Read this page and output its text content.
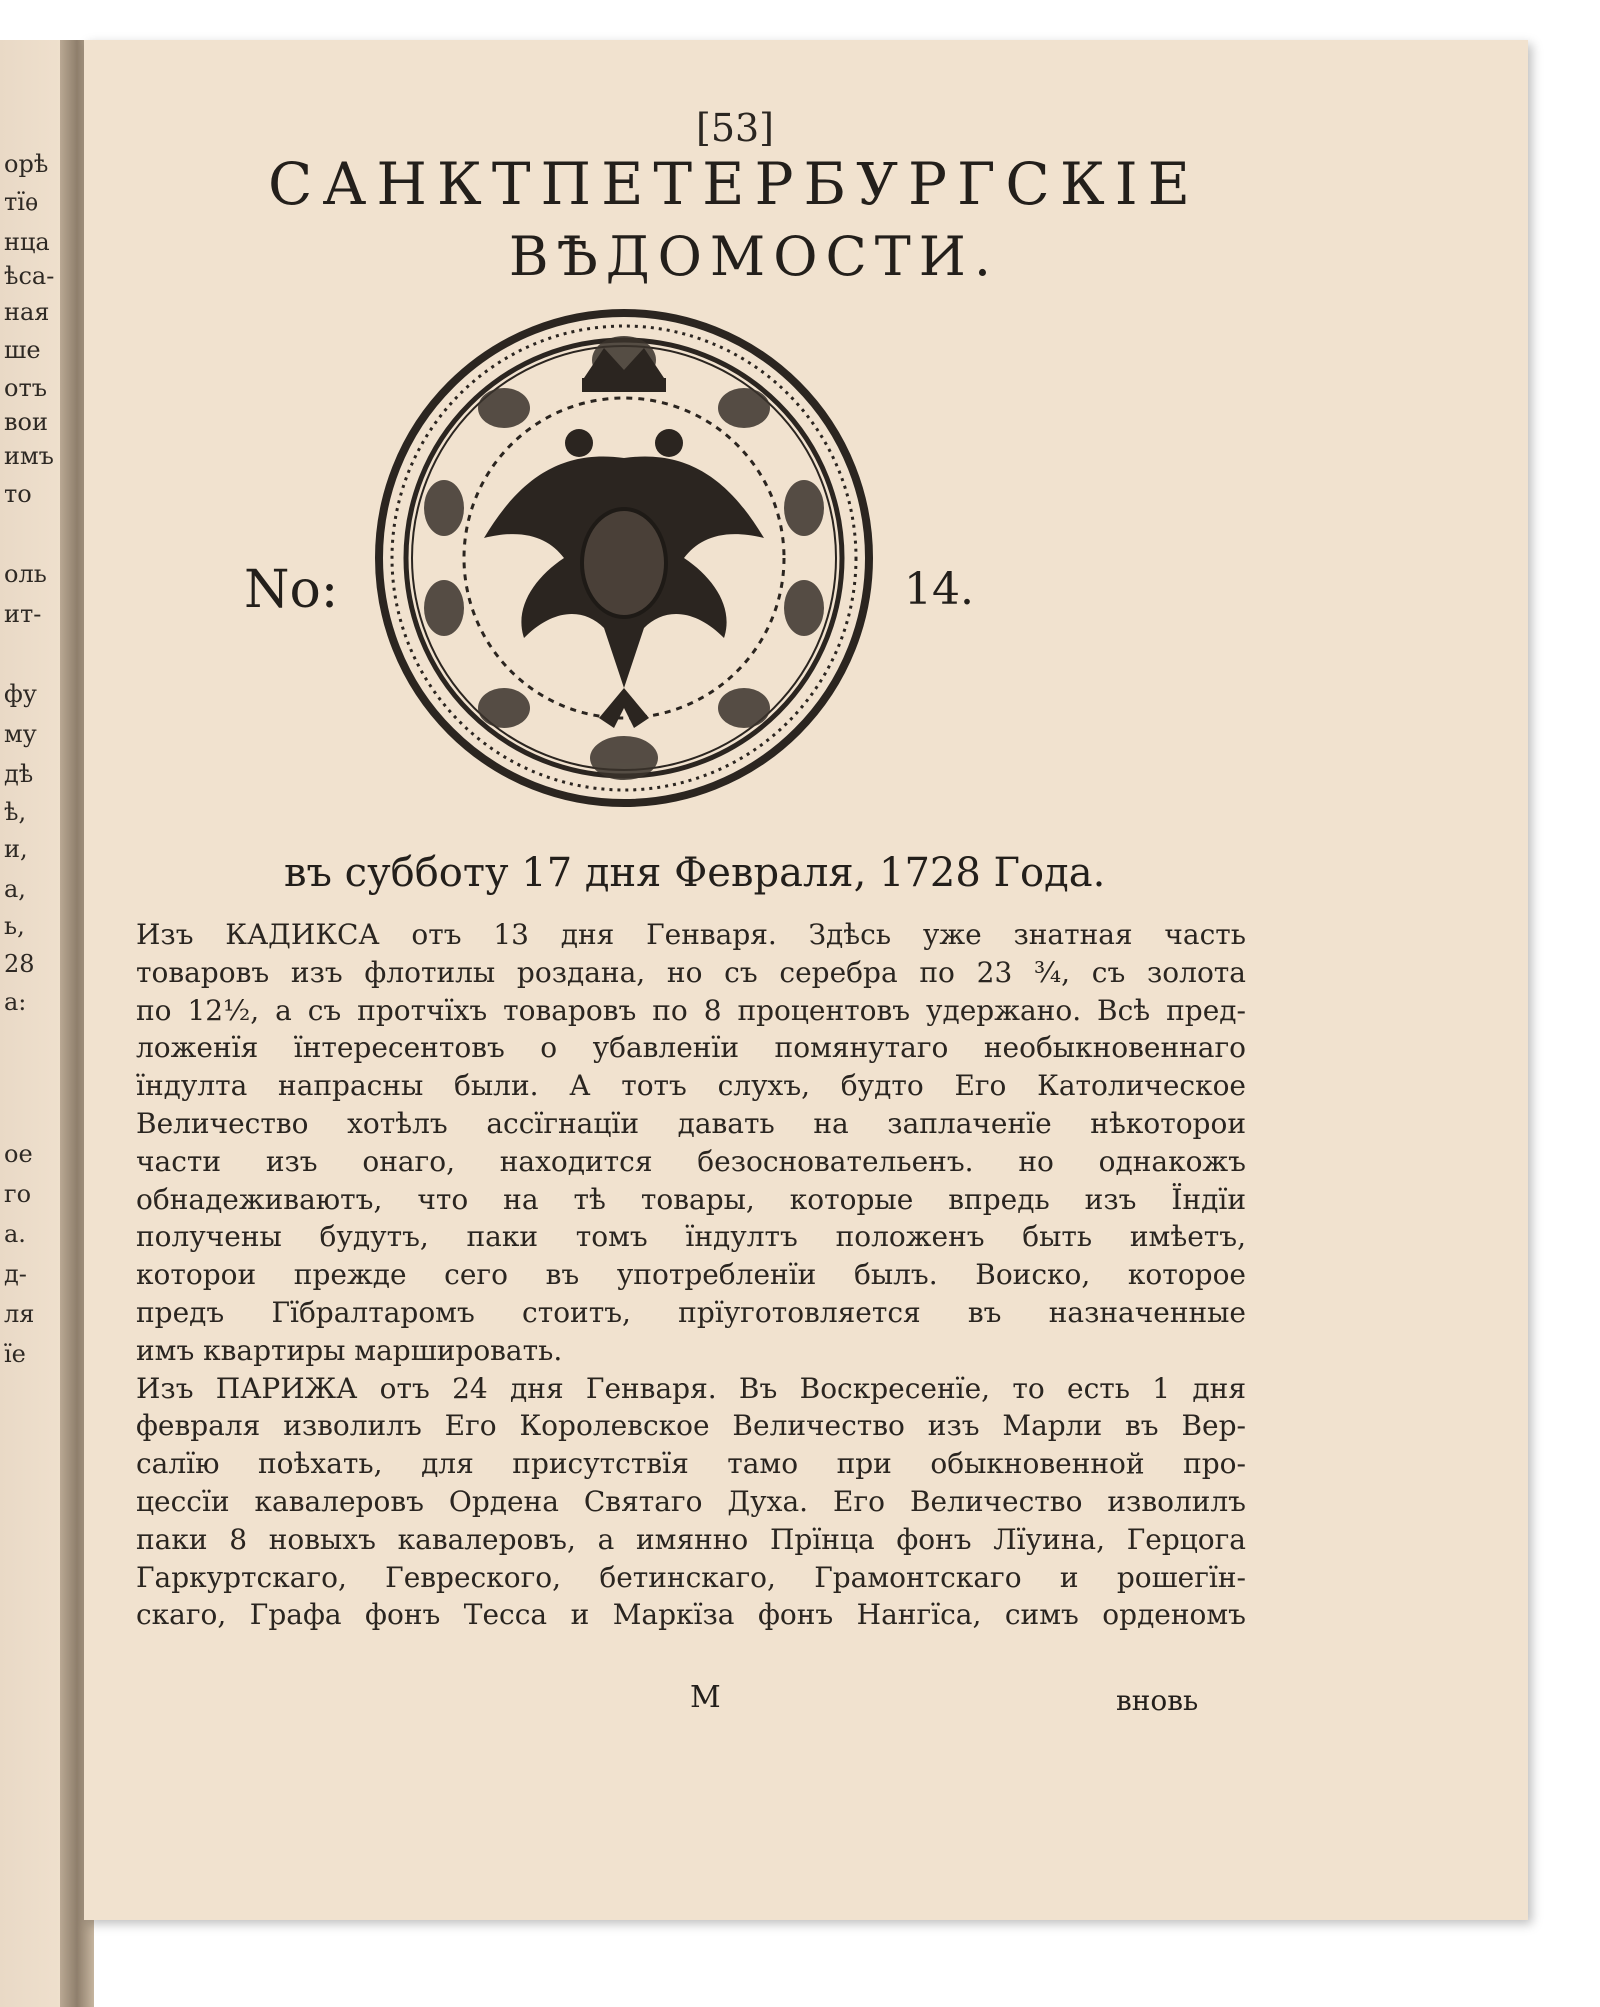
орѣ
тїѳ
нца
ѣса-
ная
ше
отъ
вои
имъ
то
оль
ит-
фу
му
дѣ
ѣ,
и,
а,
ь,
28
а:
ое
го
а.
д-
ля
їе
[53]
САНКТПЕТЕРБУРГСКІЕ
ВѢДОМОСТИ.
No:	14.
въ субботу 17 дня Февраля, 1728 Года.
Изъ КАДИКСА отъ 13 дня Генваря. Здѣсь уже знатная часть
товаровъ изъ флотилы роздана, но съ серебра по 23 ¾, съ золота
по 12½, а съ протчїхъ товаровъ по 8 процентовъ удержано. Всѣ пред-
ложенїя їнтересентовъ о убавленїи помянутаго необыкновеннаго
їндулта напрасны были. А тотъ слухъ, будто Его Католическое
Величество хотѣлъ ассїгнацїи давать на заплаченїе нѣкоторои
части изъ онаго, находится безосновательенъ. но однакожъ
обнадеживаютъ, что на тѣ товары, которые впредь изъ Їндїи
получены будутъ, паки томъ їндултъ положенъ быть имѣетъ,
которои прежде сего въ употребленїи былъ. Воиско, которое
предъ Гїбралтаромъ стоитъ, прїуготовляется въ назначенные
имъ квартиры маршировать.
Изъ ПАРИЖА отъ 24 дня Генваря. Въ Воскресенїе, то есть 1 дня
февраля изволилъ Его Королевское Величество изъ Марли въ Вер-
салїю поѣхать, для присутствїя тамо при обыкновенной про-
цессїи кавалеровъ Ордена Святаго Духа. Его Величество изволилъ
паки 8 новыхъ кавалеровъ, а имянно Прїнца фонъ Лїуина, Герцога
Гаркуртскаго, Гевреского, бетинскаго, Грамонтскаго и рошегїн-
скаго, Графа фонъ Тесса и Маркїза фонъ Нангїса, симъ орденомъ
М	вновь
